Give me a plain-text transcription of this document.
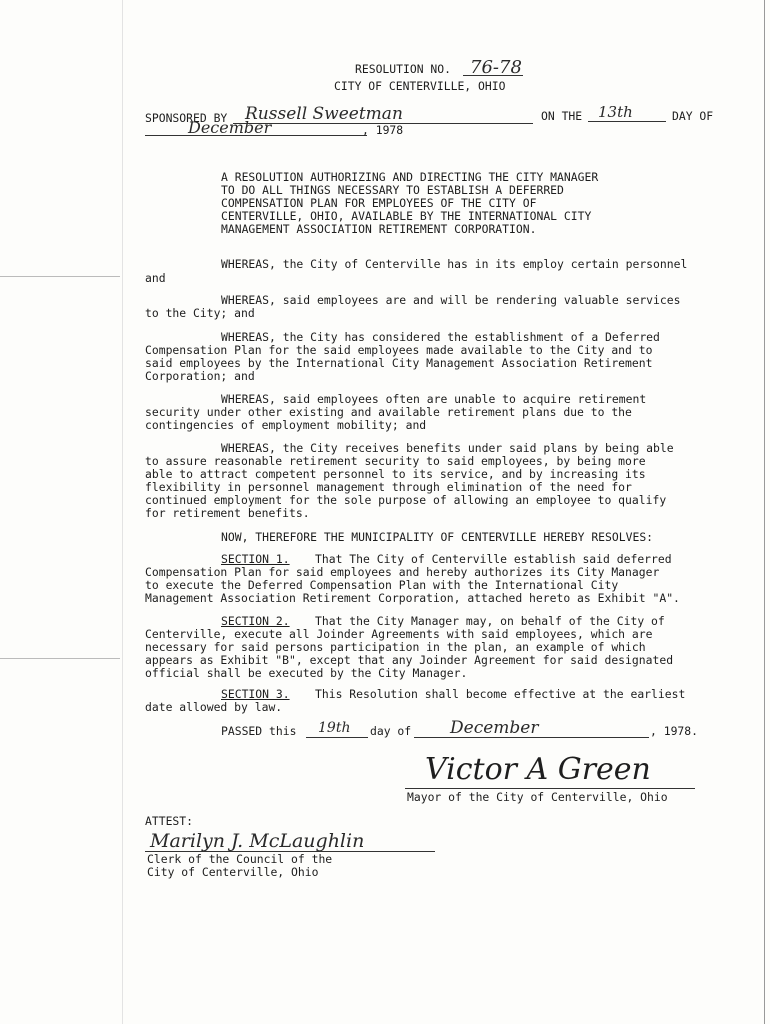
RESOLUTION NO. 76-78
CITY OF CENTERVILLE, OHIO
SPONSORED BY Russell Sweetman	ON THE 13th	DAY OF
December	, 1978
A RESOLUTION AUTHORIZING AND DIRECTING THE CITY MANAGER
TO DO ALL THINGS NECESSARY TO ESTABLISH A DEFERRED
COMPENSATION PLAN FOR EMPLOYEES OF THE CITY OF
CENTERVILLE, OHIO, AVAILABLE BY THE INTERNATIONAL CITY
MANAGEMENT ASSOCIATION RETIREMENT CORPORATION.
WHEREAS, the City of Centerville has in its employ certain personnel
and
WHEREAS, said employees are and will be rendering valuable services
to the City; and
WHEREAS, the City has considered the establishment of a Deferred
Compensation Plan for the said employees made available to the City and to
said employees by the International City Management Association Retirement
Corporation; and
WHEREAS, said employees often are unable to acquire retirement
security under other existing and available retirement plans due to the
contingencies of employment mobility; and
WHEREAS, the City receives benefits under said plans by being able
to assure reasonable retirement security to said employees, by being more
able to attract competent personnel to its service, and by increasing its
flexibility in personnel management through elimination of the need for
continued employment for the sole purpose of allowing an employee to qualify
for retirement benefits.
NOW, THEREFORE THE MUNICIPALITY OF CENTERVILLE HEREBY RESOLVES:
SECTION 1. That The City of Centerville establish said deferred
Compensation Plan for said employees and hereby authorizes its City Manager
to execute the Deferred Compensation Plan with the International City
Management Association Retirement Corporation, attached hereto as Exhibit "A".
SECTION 2. That the City Manager may, on behalf of the City of
Centerville, execute all Joinder Agreements with said employees, which are
necessary for said persons participation in the plan, an example of which
appears as Exhibit "B", except that any Joinder Agreement for said designated
official shall be executed by the City Manager.
SECTION 3. This Resolution shall become effective at the earliest
date allowed by law.
PASSED this 19th day of December	, 1978.
Victor A Green
Mayor of the City of Centerville, Ohio
ATTEST:
Marilyn J. McLaughlin
Clerk of the Council of the
City of Centerville, Ohio
